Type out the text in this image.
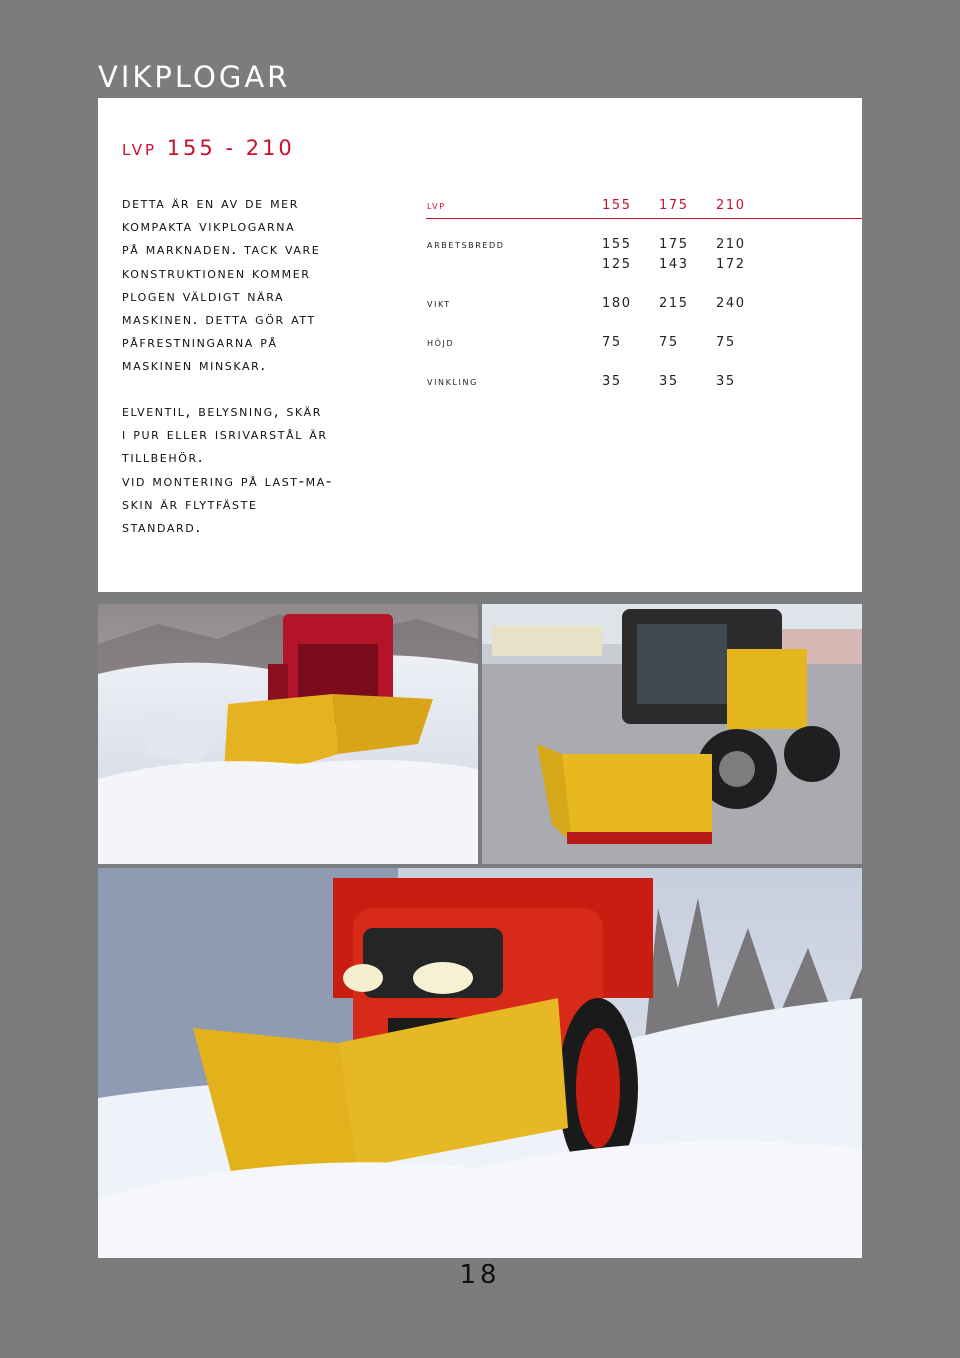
VIKPLOGAR
lvp 155 - 210

detta är en av de mer

kompakta vikplogarna

på marknaden. tack vare

konstruktionen kommer

plogen väldigt nära

maskinen. detta gör att

påfrestningarna på

maskinen minskar.

elventil, belysning, skär

i pur eller isrivarstål är

tillbehör.

vid montering på last-ma-

skin är flytfäste

standard.

lvp	155 175 210
arbetsbredd	155 175 210
125 143 172
vikt	180 215 240
höjd	75	75	75
vinkling	35	35	35
18
